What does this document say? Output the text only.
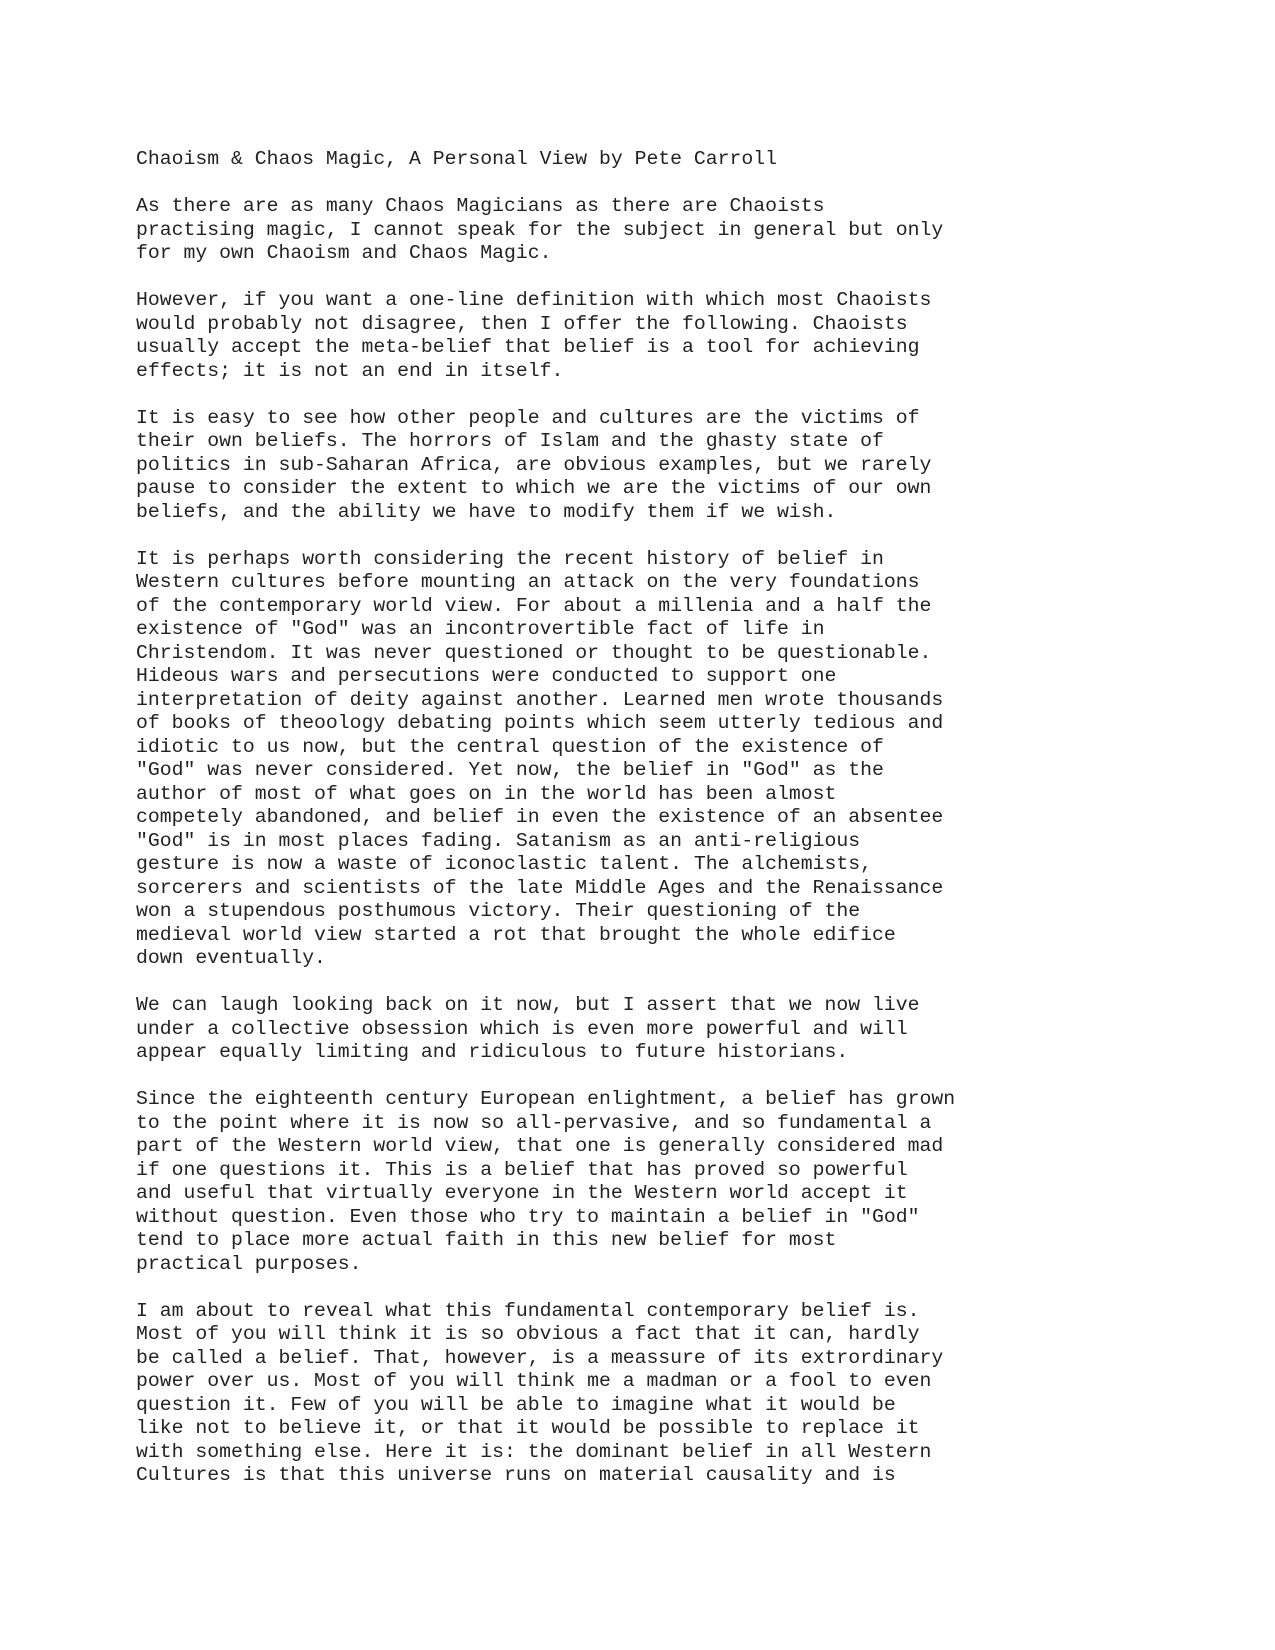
Chaoism & Chaos Magic, A Personal View by Pete Carroll
As there are as many Chaos Magicians as there are Chaoists
practising magic, I cannot speak for the subject in general but only
for my own Chaoism and Chaos Magic.
However, if you want a one-line definition with which most Chaoists
would probably not disagree, then I offer the following. Chaoists
usually accept the meta-belief that belief is a tool for achieving
effects; it is not an end in itself.
It is easy to see how other people and cultures are the victims of
their own beliefs. The horrors of Islam and the ghasty state of
politics in sub-Saharan Africa, are obvious examples, but we rarely
pause to consider the extent to which we are the victims of our own
beliefs, and the ability we have to modify them if we wish.
It is perhaps worth considering the recent history of belief in
Western cultures before mounting an attack on the very foundations
of the contemporary world view. For about a millenia and a half the
existence of "God" was an incontrovertible fact of life in
Christendom. It was never questioned or thought to be questionable.
Hideous wars and persecutions were conducted to support one
interpretation of deity against another. Learned men wrote thousands
of books of theoology debating points which seem utterly tedious and
idiotic to us now, but the central question of the existence of
"God" was never considered. Yet now, the belief in "God" as the
author of most of what goes on in the world has been almost
competely abandoned, and belief in even the existence of an absentee
"God" is in most places fading. Satanism as an anti-religious
gesture is now a waste of iconoclastic talent. The alchemists,
sorcerers and scientists of the late Middle Ages and the Renaissance
won a stupendous posthumous victory. Their questioning of the
medieval world view started a rot that brought the whole edifice
down eventually.
We can laugh looking back on it now, but I assert that we now live
under a collective obsession which is even more powerful and will
appear equally limiting and ridiculous to future historians.
Since the eighteenth century European enlightment, a belief has grown
to the point where it is now so all-pervasive, and so fundamental a
part of the Western world view, that one is generally considered mad
if one questions it. This is a belief that has proved so powerful
and useful that virtually everyone in the Western world accept it
without question. Even those who try to maintain a belief in "God"
tend to place more actual faith in this new belief for most
practical purposes.
I am about to reveal what this fundamental contemporary belief is.
Most of you will think it is so obvious a fact that it can, hardly
be called a belief. That, however, is a meassure of its extrordinary
power over us. Most of you will think me a madman or a fool to even
question it. Few of you will be able to imagine what it would be
like not to believe it, or that it would be possible to replace it
with something else. Here it is: the dominant belief in all Western
Cultures is that this universe runs on material causality and is
